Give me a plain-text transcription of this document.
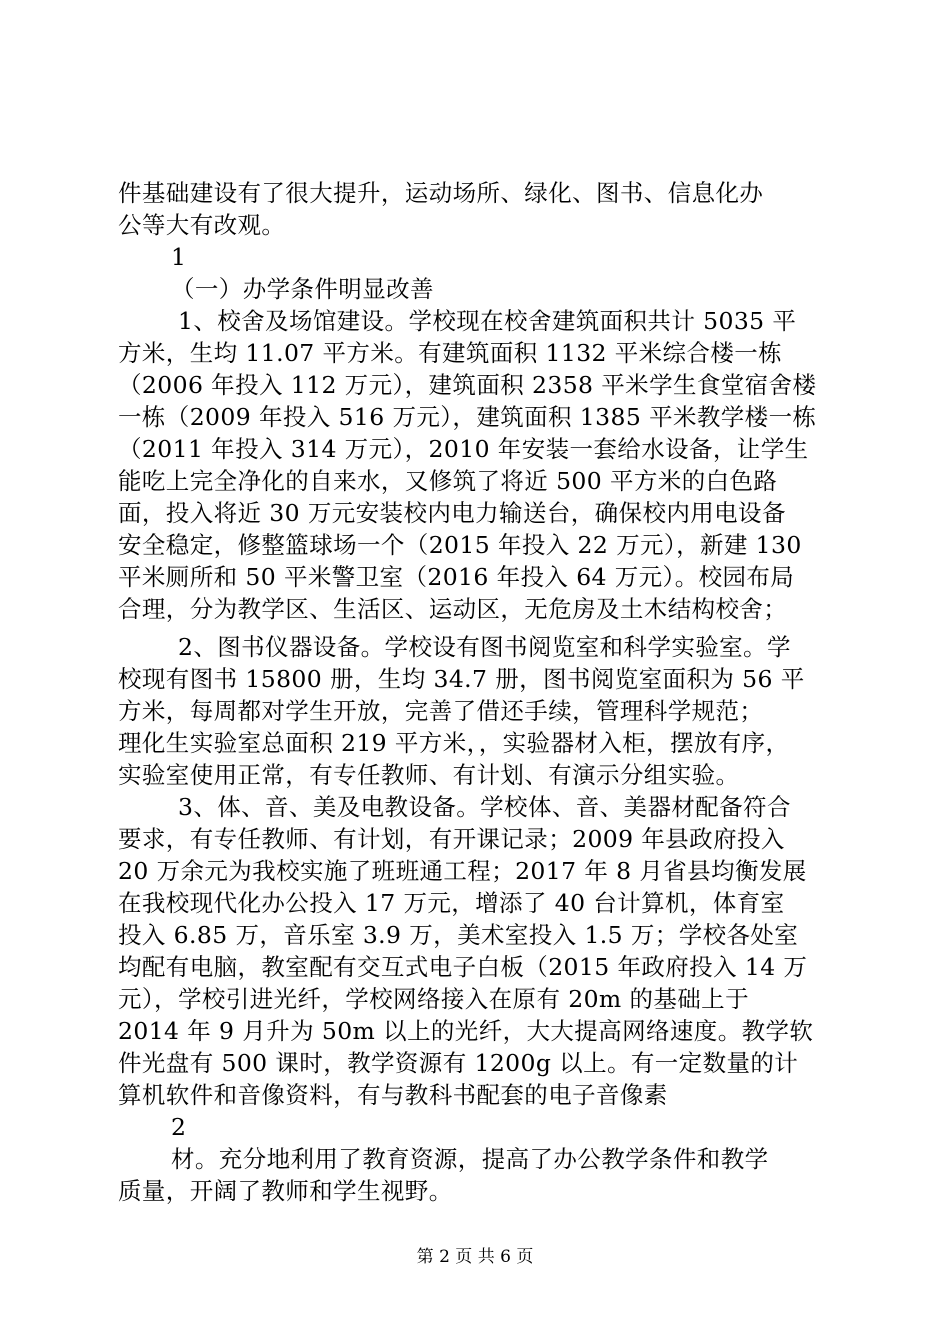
件基础建设有了很大提升，运动场所、绿化、图书、信息化办
公等大有改观。
1
（一）办学条件明显改善
1、校舍及场馆建设。学校现在校舍建筑面积共计 5035 平
方米，生均 11.07 平方米。有建筑面积 1132 平米综合楼一栋
（2006 年投入 112 万元），建筑面积 2358 平米学生食堂宿舍楼
一栋（2009 年投入 516 万元），建筑面积 1385 平米教学楼一栋
（2011 年投入 314 万元），2010 年安装一套给水设备，让学生
能吃上完全净化的自来水，又修筑了将近 500 平方米的白色路
面，投入将近 30 万元安装校内电力输送台，确保校内用电设备
安全稳定，修整篮球场一个（2015 年投入 22 万元），新建 130
平米厕所和 50 平米警卫室（2016 年投入 64 万元）。校园布局
合理，分为教学区、生活区、运动区，无危房及土木结构校舍；
2、图书仪器设备。学校设有图书阅览室和科学实验室。学
校现有图书 15800 册，生均 34.7 册，图书阅览室面积为 56 平
方米，每周都对学生开放，完善了借还手续，管理科学规范；
理化生实验室总面积 219 平方米，，实验器材入柜，摆放有序，
实验室使用正常，有专任教师、有计划、有演示分组实验。
3、体、音、美及电教设备。学校体、音、美器材配备符合
要求，有专任教师、有计划，有开课记录；2009 年县政府投入
20 万余元为我校实施了班班通工程；2017 年 8 月省县均衡发展
在我校现代化办公投入 17 万元，增添了 40 台计算机，体育室
投入 6.85 万，音乐室 3.9 万，美术室投入 1.5 万；学校各处室
均配有电脑，教室配有交互式电子白板（2015 年政府投入 14 万
元），学校引进光纤，学校网络接入在原有 20m 的基础上于
2014 年 9 月升为 50m 以上的光纤，大大提高网络速度。教学软
件光盘有 500 课时，教学资源有 1200g 以上。有一定数量的计
算机软件和音像资料，有与教科书配套的电子音像素
2
材。充分地利用了教育资源，提高了办公教学条件和教学
质量，开阔了教师和学生视野。
第 2 页 共 6 页
